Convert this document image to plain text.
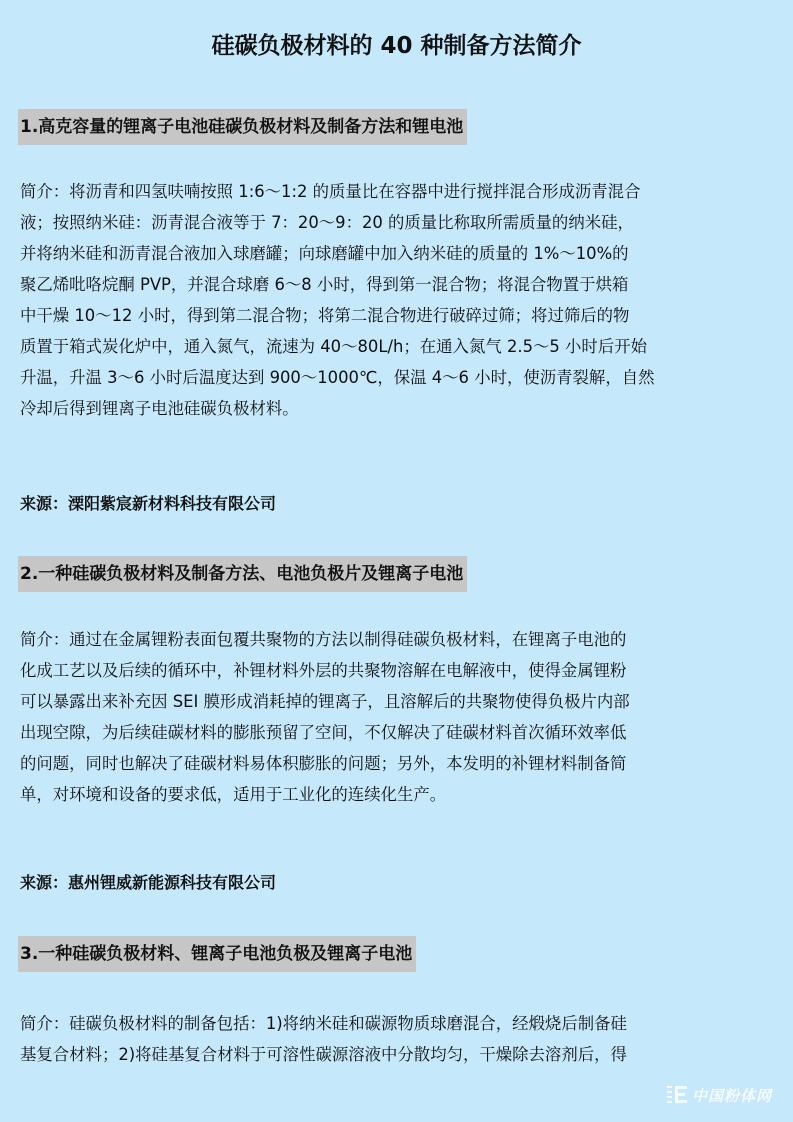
硅碳负极材料的 40 种制备方法简介
1.高克容量的锂离子电池硅碳负极材料及制备方法和锂电池
简介：将沥青和四氢呋喃按照 1:6～1:2 的质量比在容器中进行搅拌混合形成沥青混合
液；按照纳米硅：沥青混合液等于 7：20～9：20 的质量比称取所需质量的纳米硅，
并将纳米硅和沥青混合液加入球磨罐；向球磨罐中加入纳米硅的质量的 1%～10%的
聚乙烯吡咯烷酮 PVP，并混合球磨 6～8 小时，得到第一混合物；将混合物置于烘箱
中干燥 10～12 小时，得到第二混合物；将第二混合物进行破碎过筛；将过筛后的物
质置于箱式炭化炉中，通入氮气，流速为 40～80L/h；在通入氮气 2.5～5 小时后开始
升温，升温 3～6 小时后温度达到 900～1000℃，保温 4～6 小时，使沥青裂解，自然
冷却后得到锂离子电池硅碳负极材料。
来源：溧阳紫宸新材料科技有限公司
2.一种硅碳负极材料及制备方法、电池负极片及锂离子电池
简介：通过在金属锂粉表面包覆共聚物的方法以制得硅碳负极材料，在锂离子电池的
化成工艺以及后续的循环中，补锂材料外层的共聚物溶解在电解液中，使得金属锂粉
可以暴露出来补充因 SEI 膜形成消耗掉的锂离子，且溶解后的共聚物使得负极片内部
出现空隙，为后续硅碳材料的膨胀预留了空间，不仅解决了硅碳材料首次循环效率低
的问题，同时也解决了硅碳材料易体积膨胀的问题；另外，本发明的补锂材料制备简
单，对环境和设备的要求低，适用于工业化的连续化生产。
来源：惠州锂威新能源科技有限公司
3.一种硅碳负极材料、锂离子电池负极及锂离子电池
简介：硅碳负极材料的制备包括：1)将纳米硅和碳源物质球磨混合，经煅烧后制备硅
基复合材料；2)将硅基复合材料于可溶性碳源溶液中分散均匀，干燥除去溶剂后，得
中国粉体网
